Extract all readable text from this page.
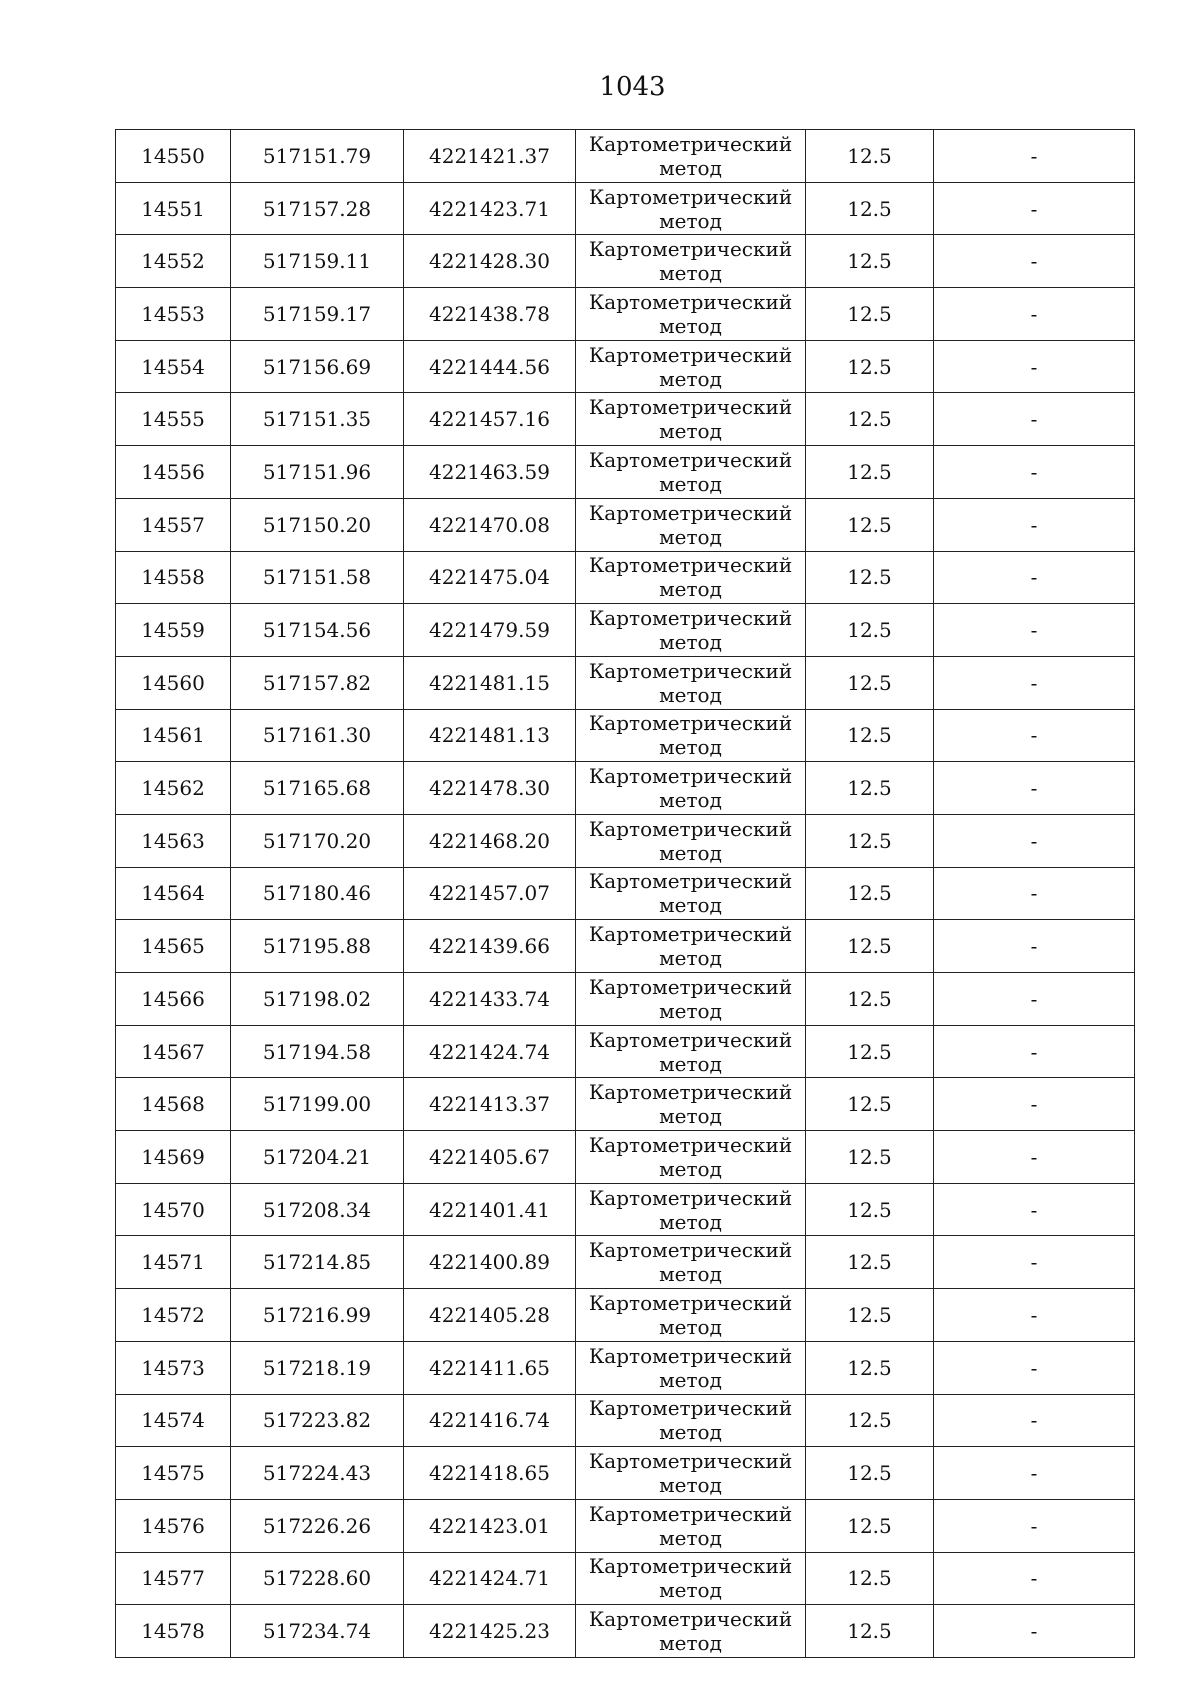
1043
14550	517151.79	4221421.37	Картометрический
метод	12.5	-
14551	517157.28	4221423.71	Картометрический
метод	12.5	-
14552	517159.11	4221428.30	Картометрический
метод	12.5	-
14553	517159.17	4221438.78	Картометрический
метод	12.5	-
14554	517156.69	4221444.56	Картометрический
метод	12.5	-
14555	517151.35	4221457.16	Картометрический
метод	12.5	-
14556	517151.96	4221463.59	Картометрический
метод	12.5	-
14557	517150.20	4221470.08	Картометрический
метод	12.5	-
14558	517151.58	4221475.04	Картометрический
метод	12.5	-
14559	517154.56	4221479.59	Картометрический
метод	12.5	-
14560	517157.82	4221481.15	Картометрический
метод	12.5	-
14561	517161.30	4221481.13	Картометрический
метод	12.5	-
14562	517165.68	4221478.30	Картометрический
метод	12.5	-
14563	517170.20	4221468.20	Картометрический
метод	12.5	-
14564	517180.46	4221457.07	Картометрический
метод	12.5	-
14565	517195.88	4221439.66	Картометрический
метод	12.5	-
14566	517198.02	4221433.74	Картометрический
метод	12.5	-
14567	517194.58	4221424.74	Картометрический
метод	12.5	-
14568	517199.00	4221413.37	Картометрический
метод	12.5	-
14569	517204.21	4221405.67	Картометрический
метод	12.5	-
14570	517208.34	4221401.41	Картометрический
метод	12.5	-
14571	517214.85	4221400.89	Картометрический
метод	12.5	-
14572	517216.99	4221405.28	Картометрический
метод	12.5	-
14573	517218.19	4221411.65	Картометрический
метод	12.5	-
14574	517223.82	4221416.74	Картометрический
метод	12.5	-
14575	517224.43	4221418.65	Картометрический
метод	12.5	-
14576	517226.26	4221423.01	Картометрический
метод	12.5	-
14577	517228.60	4221424.71	Картометрический
метод	12.5	-
14578	517234.74	4221425.23	Картометрический
метод	12.5	-
